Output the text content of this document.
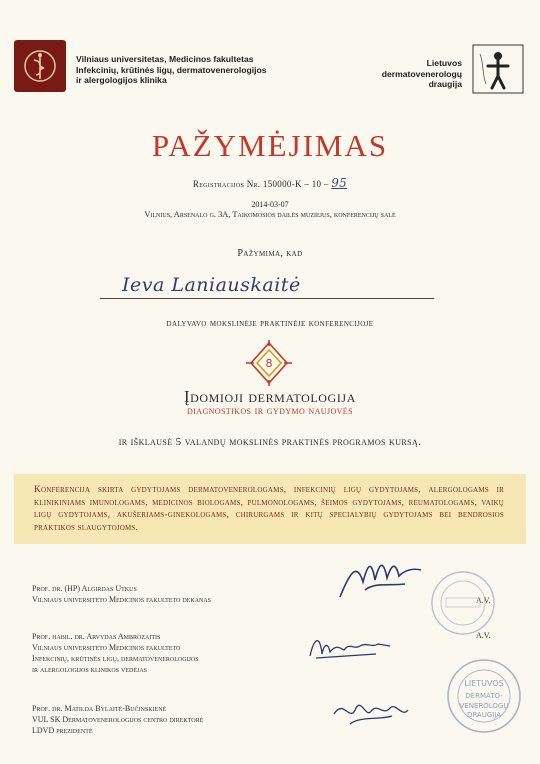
Vilniaus universitetas, Medicinos fakultetas
Infekcinių, krūtinės ligų, dermatovenerologijos
ir alergologijos klinika
Lietuvos
dermatovenerologų
draugija
PAŽYMĖJIMAS
Registracijos Nr. 150000-K – 10 – 95
2014-03-07
Vilnius, Arsenalo g. 3A, Taikomosios dailės muziejus, konferencijų salė
Pažymima, kad
Ieva Laniauskaitė
dalyvavo mokslinėje praktinėje konferencijoje
8
Įdomioji dermatologija
diagnostikos ir gydymo naujovės
ir išklausė 5 valandų mokslinės praktinės programos kursą.
Konferencija skirta gydytojams dermatovenerologams, infekcinių ligų gydytojams, alergologams ir klinikiniams imunologams, medicinos biologams, pulmonologams, šeimos gydytojams, reumatologams, vaikų ligų gydytojams, akušeriams-ginekologams, chirurgams ir kitų specialybių gydytojams bei bendrosios praktikos slaugytojoms.
Prof. dr. (HP) Algirdas Utkus
Vilniaus universiteto Medicinos fakulteto dekanas	A.V.
Prof. habil. dr. Arvydas Ambrozaitis
Vilniaus universiteto Medicinos fakulteto
Infekcinių, krūtinės ligų, dermatovenerologijos
ir alergologijos klinikos vedėjas
A.V.
Prof. dr. Matilda Bylaitė-Bučinskienė
VUL SK Dermatovenerologijos centro direktorė
LDVD prezidentė
LIETUVOS
DERMATO-
VENEROLOGŲ
DRAUGIJA
